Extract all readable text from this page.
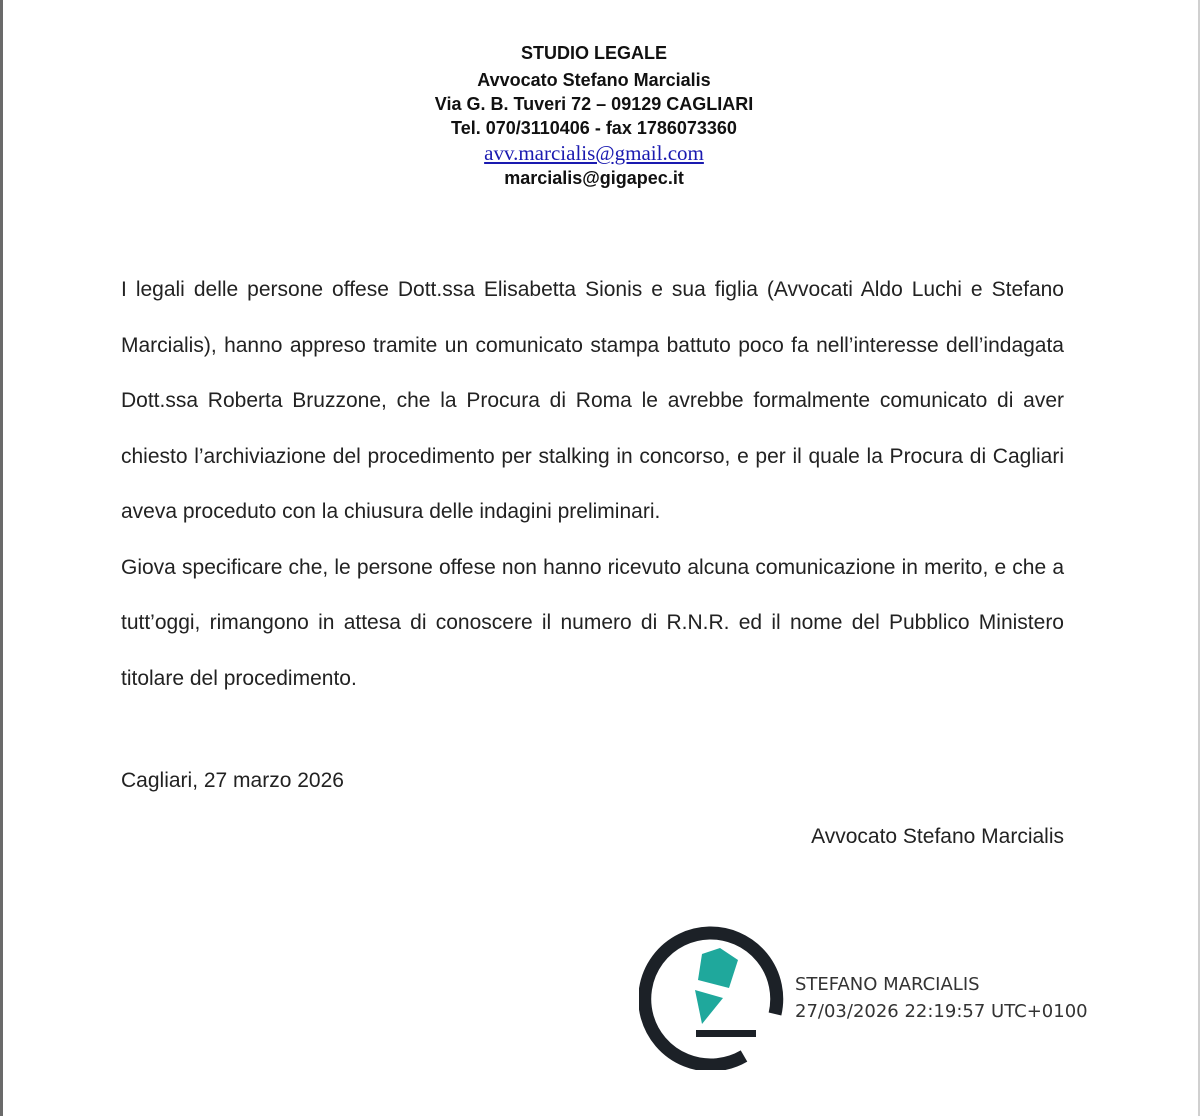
STUDIO LEGALE
Avvocato Stefano Marcialis
Via G. B. Tuveri 72 – 09129 CAGLIARI
Tel. 070/3110406 - fax 1786073360
avv.marcialis@gmail.com
marcialis@gigapec.it

I legali delle persone offese Dott.ssa Elisabetta Sionis e sua figlia (Avvocati Aldo Luchi e Stefano Marcialis), hanno appreso tramite un comunicato stampa battuto poco fa nell’interesse dell’indagata Dott.ssa Roberta Bruzzone, che la Procura di Roma le avrebbe formalmente comunicato di aver chiesto l’archiviazione del procedimento per stalking in concorso, e per il quale la Procura di Cagliari aveva proceduto con la chiusura delle indagini preliminari.

Giova specificare che, le persone offese non hanno ricevuto alcuna comunicazione in merito, e che a tutt’oggi, rimangono in attesa di conoscere il numero di R.N.R. ed il nome del Pubblico Ministero titolare del procedimento.

Cagliari, 27 marzo 2026
Avvocato Stefano Marcialis
STEFANO MARCIALIS
27/03/2026 22:19:57 UTC+0100
